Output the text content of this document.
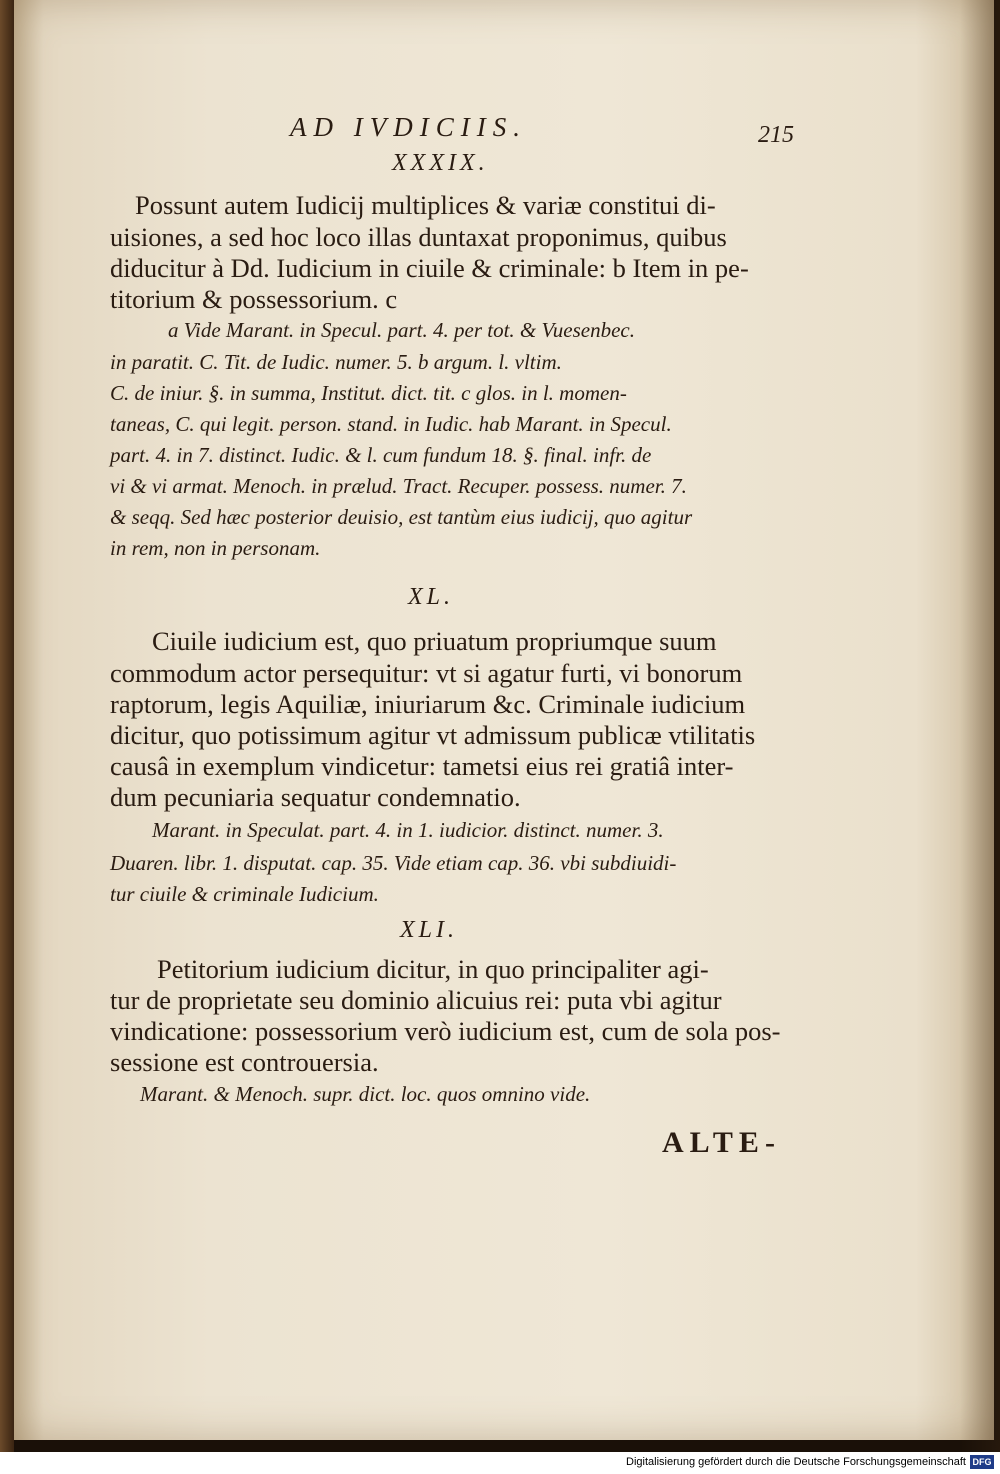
AD IVDICIIS.	215
XXXIX.
Possunt autem Iudicij multiplices & variæ constitui di-
uisiones, a sed hoc loco illas duntaxat proponimus, quibus
diducitur à Dd. Iudicium in ciuile & criminale: b Item in pe-
titorium & possessorium. c
a Vide Marant. in Specul. part. 4. per tot. & Vuesenbec.
in paratit. C. Tit. de Iudic. numer. 5. b argum. l. vltim.
C. de iniur. §. in summa, Institut. dict. tit. c glos. in l. momen-
taneas, C. qui legit. person. stand. in Iudic. hab Marant. in Specul.
part. 4. in 7. distinct. Iudic. & l. cum fundum 18. §. final. infr. de
vi & vi armat. Menoch. in prælud. Tract. Recuper. possess. numer. 7.
& seqq. Sed hæc posterior deuisio, est tantùm eius iudicij, quo agitur
in rem, non in personam.
XL.
Ciuile iudicium est, quo priuatum propriumque suum
commodum actor persequitur: vt si agatur furti, vi bonorum
raptorum, legis Aquiliæ, iniuriarum &c. Criminale iudicium
dicitur, quo potissimum agitur vt admissum publicæ vtilitatis
causâ in exemplum vindicetur: tametsi eius rei gratiâ inter-
dum pecuniaria sequatur condemnatio.
Marant. in Speculat. part. 4. in 1. iudicior. distinct. numer. 3.
Duaren. libr. 1. disputat. cap. 35. Vide etiam cap. 36. vbi subdiuidi-
tur ciuile & criminale Iudicium.
XLI.
Petitorium iudicium dicitur, in quo principaliter agi-
tur de proprietate seu dominio alicuius rei: puta vbi agitur
vindicatione: possessorium verò iudicium est, cum de sola pos-
sessione est controuersia.
Marant. & Menoch. supr. dict. loc. quos omnino vide.
ALTE-
Digitalisierung gefördert durch die Deutsche Forschungsgemeinschaft DFG
